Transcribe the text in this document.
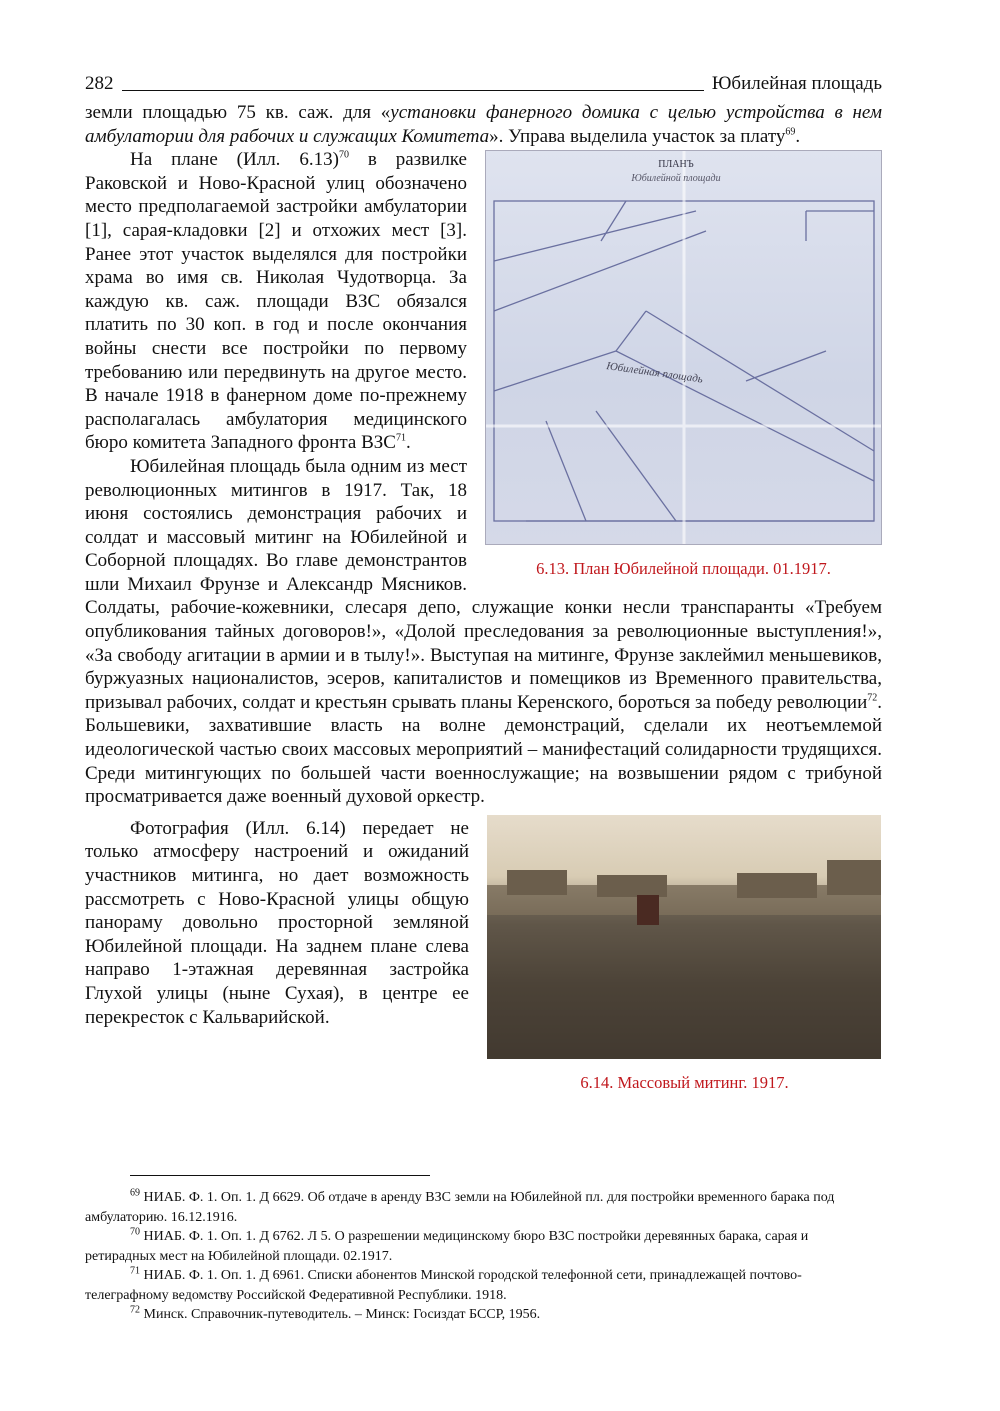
282	Юбилейная площадь

земли площадью 75 кв. саж. для «установки фанерного домика с целью устройства в нем амбулатории для рабочих и служащих Комитета». Управа выделила участок за плату$^{69}$.

ПЛАНЪ
Юбилейной площади
Юбилейная площадь
6.13. План Юбилейной площади. 01.1917.

На плане (Илл. 6.13)$^{70}$ в развилке Раковской и Ново-Красной улиц обозначено место предполагаемой застройки амбулатории [1], сарая-кладовки [2] и отхожих мест [3]. Ранее этот участок выделялся для постройки храма во имя св. Николая Чудотворца. За каждую кв. саж. площади ВЗС обязался платить по 30 коп. в год и после окончания войны снести все постройки по первому требованию или передвинуть на другое место. В начале 1918 в фанерном доме по-прежнему располагалась амбулатория медицинского бюро комитета Западного фронта ВЗС$^{71}$.

Юбилейная площадь была одним из мест революционных митингов в 1917. Так, 18 июня состоялись демонстрация рабочих и солдат и массовый митинг на Юбилейной и Соборной площадях. Во главе демонстрантов шли Михаил Фрунзе и Александр Мясников. Солдаты, рабочие-кожевники, слесаря депо, служащие конки несли транспаранты «Требуем опубликования тайных договоров!», «Долой преследования за революционные выступления!», «За свободу агитации в армии и в тылу!». Выступая на митинге, Фрунзе заклеймил меньшевиков, буржуазных националистов, эсеров, капиталистов и помещиков из Временного правительства, призывал рабочих, солдат и крестьян срывать планы Керенского, бороться за победу революции$^{72}$. Большевики, захватившие власть на волне демонстраций, сделали их неотъемлемой идеологической частью своих массовых мероприятий – манифестаций солидарности трудящихся. Среди митингующих по большей части военнослужащие; на возвышении рядом с трибуной просматривается даже военный духовой оркестр.

6.14. Массовый митинг. 1917.

Фотография (Илл. 6.14) передает не только атмосферу настроений и ожиданий участников митинга, но дает возможность рассмотреть с Ново-Красной улицы общую панораму довольно просторной земляной Юбилейной площади. На заднем плане слева направо 1-этажная деревянная застройка Глухой улицы (ныне Сухая), в центре ее перекресток с Кальварийской.

$^{69}$ НИАБ. Ф. 1. Оп. 1. Д 6629. Об отдаче в аренду ВЗС земли на Юбилейной пл. для постройки временного барака под амбулаторию. 16.12.1916.

$^{70}$ НИАБ. Ф. 1. Оп. 1. Д 6762. Л 5. О разрешении медицинскому бюро ВЗС постройки деревянных барака, сарая и ретирадных мест на Юбилейной площади. 02.1917.

$^{71}$ НИАБ. Ф. 1. Оп. 1. Д 6961. Списки абонентов Минской городской телефонной сети, принадлежащей почтово-телеграфному ведомству Российской Федеративной Республики. 1918.

$^{72}$ Минск. Справочник-путеводитель. – Минск: Госиздат БССР, 1956.
